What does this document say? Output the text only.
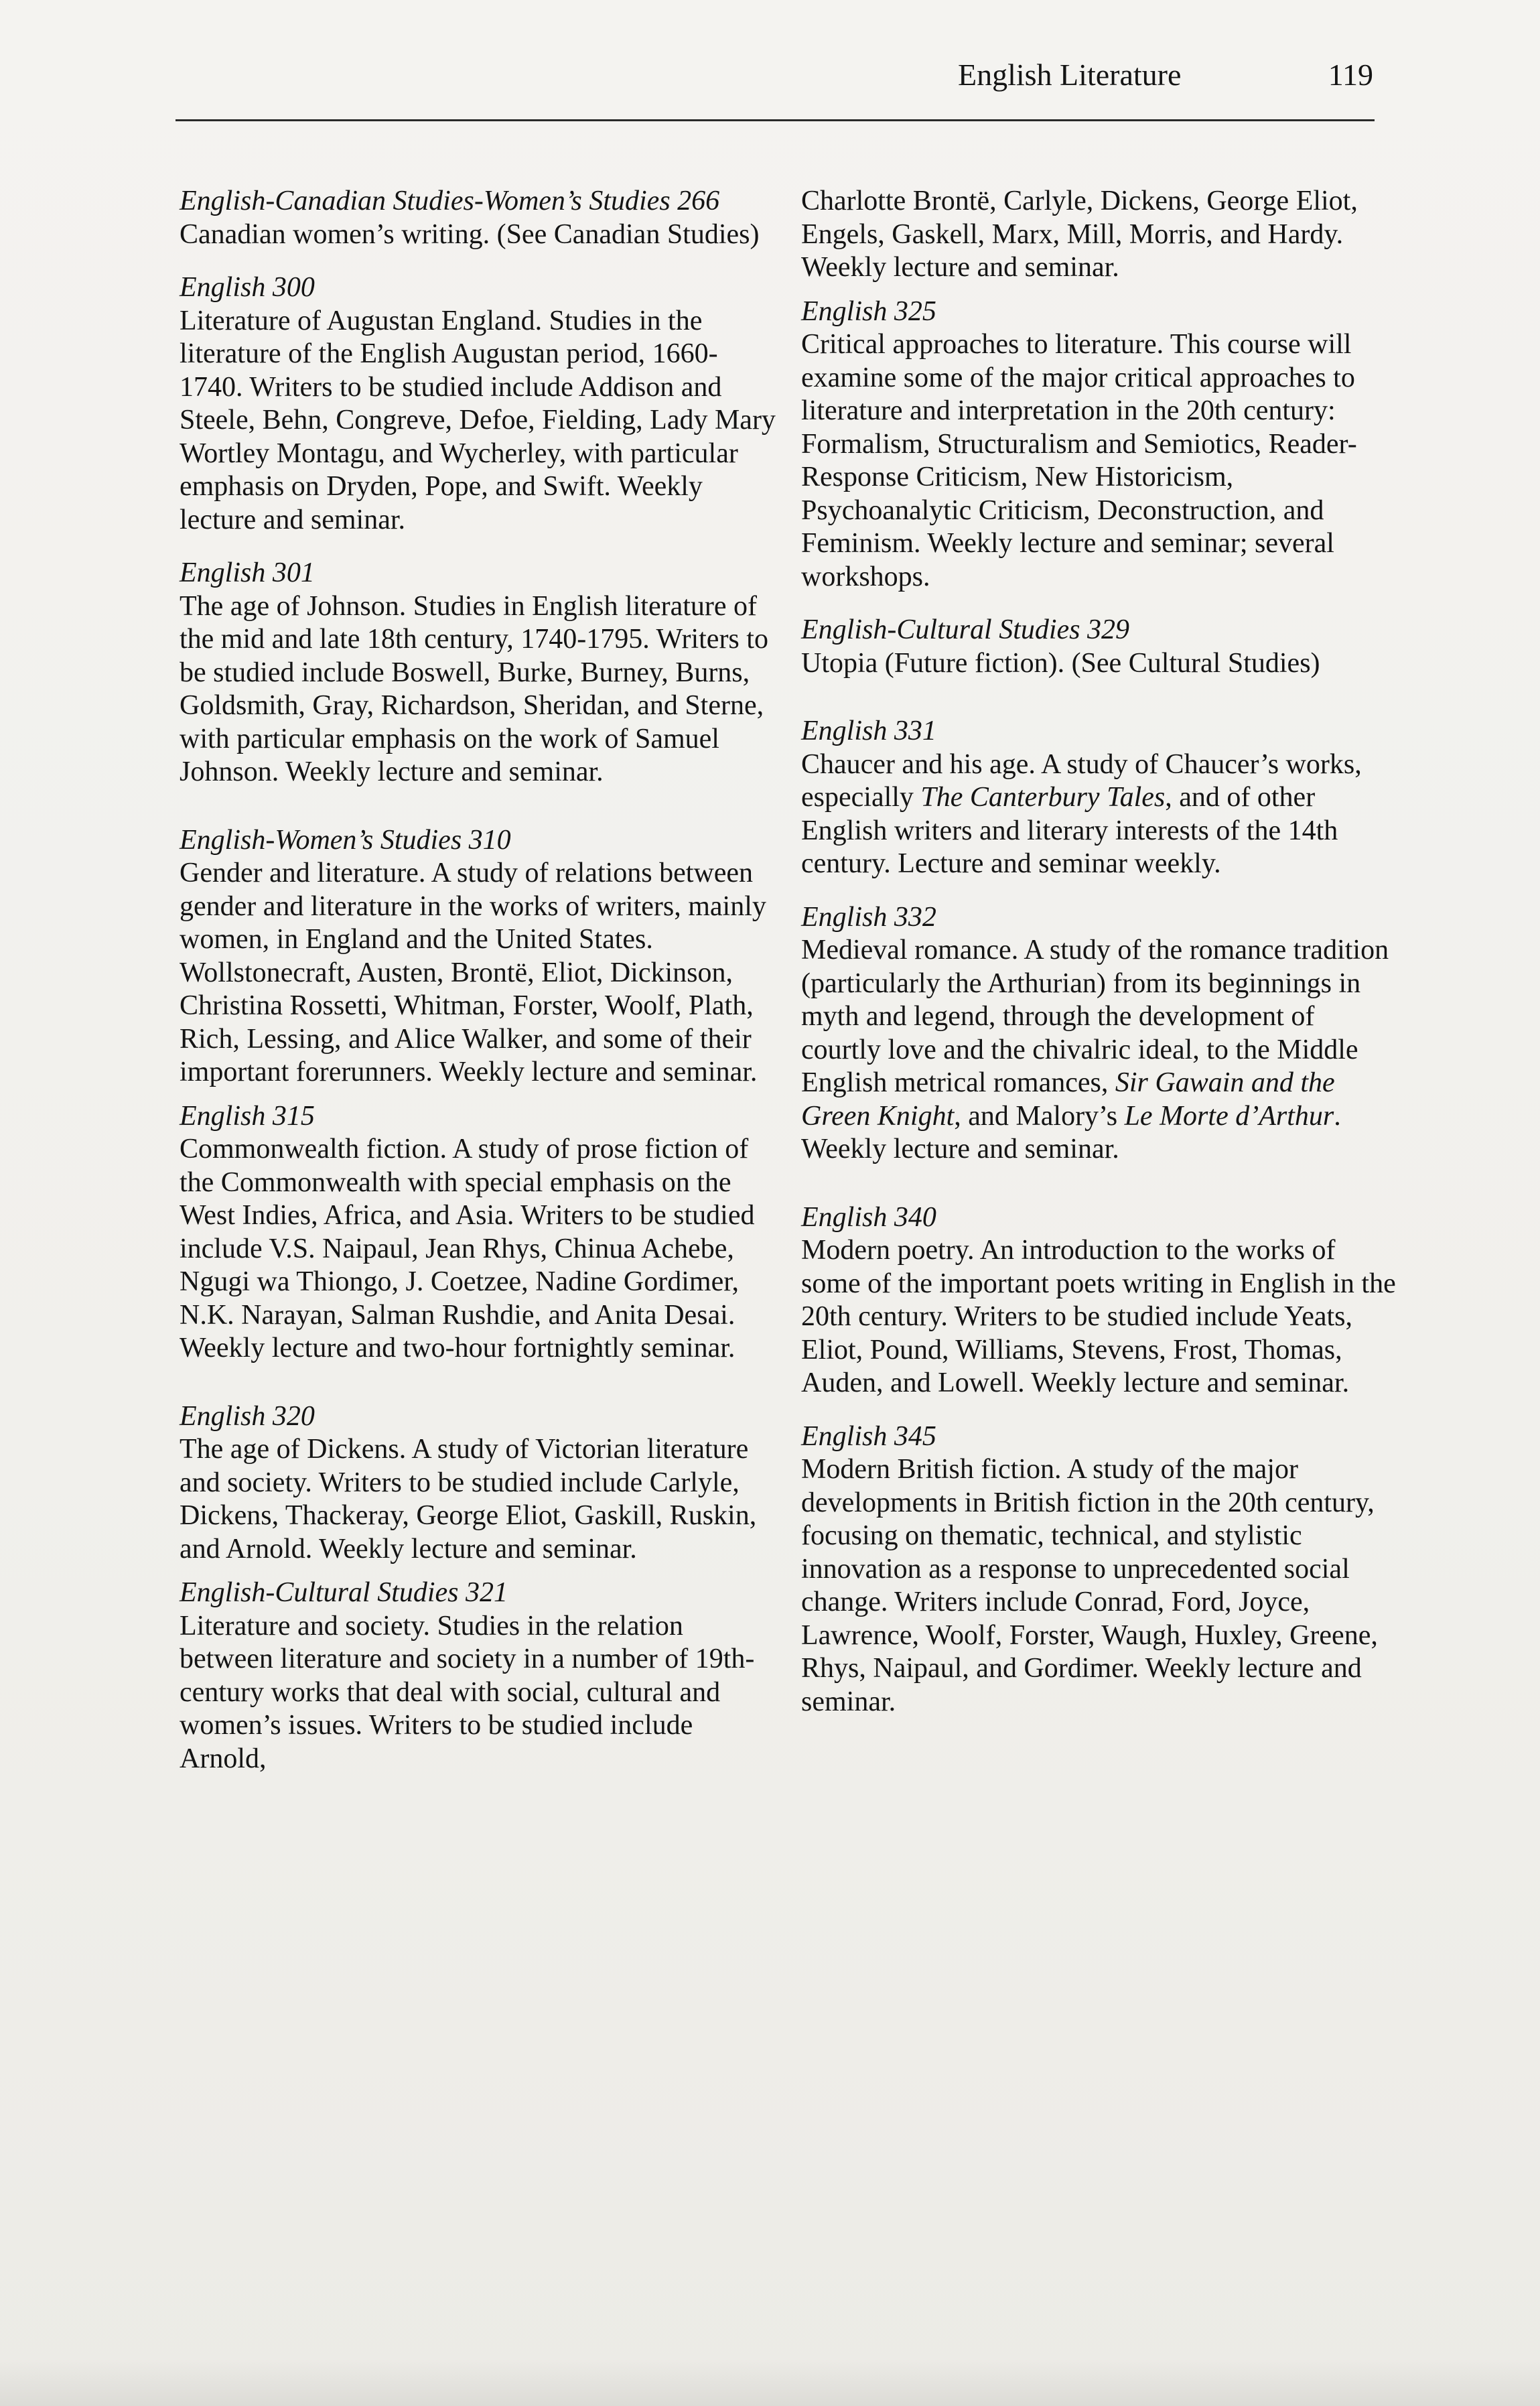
English Literature	119
English-Canadian Studies-Women’s Studies 266

Canadian women’s writing. (See Canadian Studies)

English 300

Literature of Augustan England. Studies in the literature of the English Augustan period, 1660-1740. Writers to be studied include Addison and Steele, Behn, Congreve, Defoe, Fielding, Lady Mary Wortley Montagu, and Wycherley, with particular emphasis on Dryden, Pope, and Swift. Weekly lecture and seminar.

English 301

The age of Johnson. Studies in English literature of the mid and late 18th century, 1740-1795. Writers to be studied include Boswell, Burke, Burney, Burns, Goldsmith, Gray, Richardson, Sheridan, and Sterne, with particular emphasis on the work of Samuel Johnson. Weekly lecture and seminar.

English-Women’s Studies 310

Gender and literature. A study of relations between gender and literature in the works of writers, mainly women, in England and the United States. Wollstonecraft, Austen, Brontë, Eliot, Dickinson, Christina Rossetti, Whitman, Forster, Woolf, Plath, Rich, Lessing, and Alice Walker, and some of their important forerunners. Weekly lecture and seminar.

English 315

Commonwealth fiction. A study of prose fiction of the Commonwealth with special emphasis on the West Indies, Africa, and Asia. Writers to be studied include V.S. Naipaul, Jean Rhys, Chinua Achebe, Ngugi wa Thiongo, J. Coetzee, Nadine Gordimer, N.K. Narayan, Salman Rushdie, and Anita Desai. Weekly lecture and two-hour fortnightly seminar.

English 320

The age of Dickens. A study of Victorian literature and society. Writers to be studied include Carlyle, Dickens, Thackeray, George Eliot, Gaskill, Ruskin, and Arnold. Weekly lecture and seminar.

English-Cultural Studies 321

Literature and society. Studies in the relation between literature and society in a number of 19th-century works that deal with social, cultural and women’s issues. Writers to be studied include Arnold,

Charlotte Brontë, Carlyle, Dickens, George Eliot, Engels, Gaskell, Marx, Mill, Morris, and Hardy. Weekly lecture and seminar.

English 325

Critical approaches to literature. This course will examine some of the major critical approaches to literature and interpretation in the 20th century: Formalism, Structuralism and Semiotics, Reader-Response Criticism, New Historicism, Psychoanalytic Criticism, Deconstruction, and Feminism. Weekly lecture and seminar; several workshops.

English-Cultural Studies 329

Utopia (Future fiction). (See Cultural Studies)

English 331

Chaucer and his age. A study of Chaucer’s works, especially The Canterbury Tales, and of other English writers and literary interests of the 14th century. Lecture and seminar weekly.

English 332

Medieval romance. A study of the romance tradition (particularly the Arthurian) from its beginnings in myth and legend, through the development of courtly love and the chivalric ideal, to the Middle English metrical romances, Sir Gawain and the Green Knight, and Malory’s Le Morte d’Arthur. Weekly lecture and seminar.

English 340

Modern poetry. An introduction to the works of some of the important poets writing in English in the 20th century. Writers to be studied include Yeats, Eliot, Pound, Williams, Stevens, Frost, Thomas, Auden, and Lowell. Weekly lecture and seminar.

English 345

Modern British fiction. A study of the major developments in British fiction in the 20th century, focusing on thematic, technical, and stylistic innovation as a response to unprecedented social change. Writers include Conrad, Ford, Joyce, Lawrence, Woolf, Forster, Waugh, Huxley, Greene, Rhys, Naipaul, and Gordimer. Weekly lecture and seminar.
